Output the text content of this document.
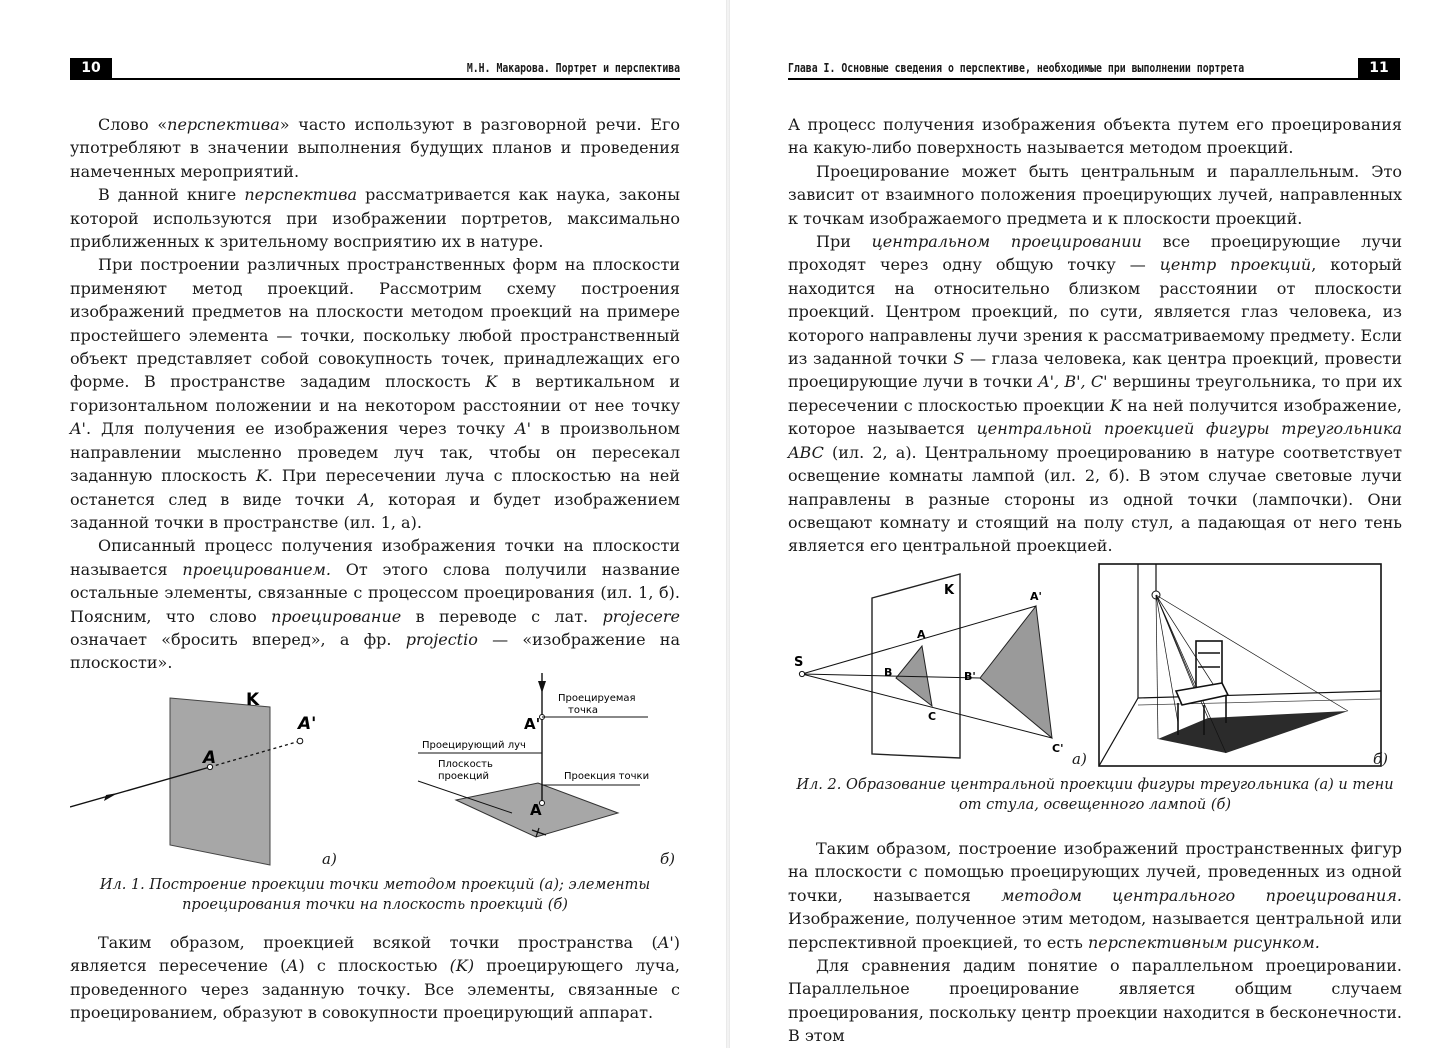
10	М.Н. Макарова. Портрет и перспектива

Слово «перспектива» часто используют в разговорной речи. Его употребляют в значении выполнения будущих планов и проведения намеченных мероприятий.

В данной книге перспектива рассматривается как наука, законы которой используются при изображении портретов, максимально приближенных к зрительному восприятию их в натуре.

При построении различных пространственных форм на плоскости применяют метод проекций. Рассмотрим схему построения изображений предметов на плоскости методом проекций на примере простейшего элемента — точки, поскольку любой пространственный объект представляет собой совокупность точек, принадлежащих его форме. В пространстве зададим плоскость K в вертикальном и горизонтальном положении и на некотором расстоянии от нее точку A'. Для получения ее изображения через точку A' в произвольном направлении мысленно проведем луч так, чтобы он пересекал заданную плоскость K. При пересечении луча с плоскостью на ней останется след в виде точки A, которая и будет изображением заданной точки в пространстве (ил. 1, а).

Описанный процесс получения изображения точки на плоскости называется проецированием. От этого слова получили название остальные элементы, связанные с процессом проецирования (ил. 1, б). Поясним, что слово проецирование в переводе с лат. projecere означает «бросить вперед», а фр. projectio — «изображение на плоскости».

K
A'
A
а)
Проецируемая точка
Проецирующий луч
Плоскость проекций	Проекция точки
A'
A
б)
Ил. 1. Построение проекции точки методом проекций (а); элементы проецирования точки на плоскость проекций (б)

Таким образом, проекцией всякой точки пространства (A') является пересечение (А) с плоскостью (K) проецирующего луча, проведенного через заданную точку. Все элементы, связанные с проецированием, образуют в совокупности проецирующий аппарат.

Глава I. Основные сведения о перспективе, необходимые при выполнении портрета	11

А процесс получения изображения объекта путем его проецирования на какую-либо поверхность называется методом проекций.

Проецирование может быть центральным и параллельным. Это зависит от взаимного положения проецирующих лучей, направленных к точкам изображаемого предмета и к плоскости проекций.

При центральном проецировании все проецирующие лучи проходят через одну общую точку — центр проекций, который находится на относительно близком расстоянии от плоскости проекций. Центром проекций, по сути, является глаз человека, из которого направлены лучи зрения к рассматриваемому предмету. Если из заданной точки S — глаза человека, как центра проекций, провести проецирующие лучи в точки A', B', C' вершины треугольника, то при их пересечении с плоскостью проекции K на ней получится изображение, которое называется центральной проекцией фигуры треугольника ABC (ил. 2, а). Центральному проецированию в натуре соответствует освещение комнаты лампой (ил. 2, б). В этом случае световые лучи направлены в разные стороны из одной точки (лампочки). Они освещают комнату и стоящий на полу стул, а падающая от него тень является его центральной проекцией.

S
K
A
B
C
A'
B'
C'
а)	б)
Ил. 2. Образование центральной проекции фигуры треугольника (а) и тени от стула, освещенного лампой (б)

Таким образом, построение изображений пространственных фигур на плоскости с помощью проецирующих лучей, проведенных из одной точки, называется методом центрального проецирования. Изображение, полученное этим методом, называется центральной или перспективной проекцией, то есть перспективным рисунком.

Для сравнения дадим понятие о параллельном проецировании. Параллельное проецирование является общим случаем проецирования, поскольку центр проекции находится в бесконечности. В этом
